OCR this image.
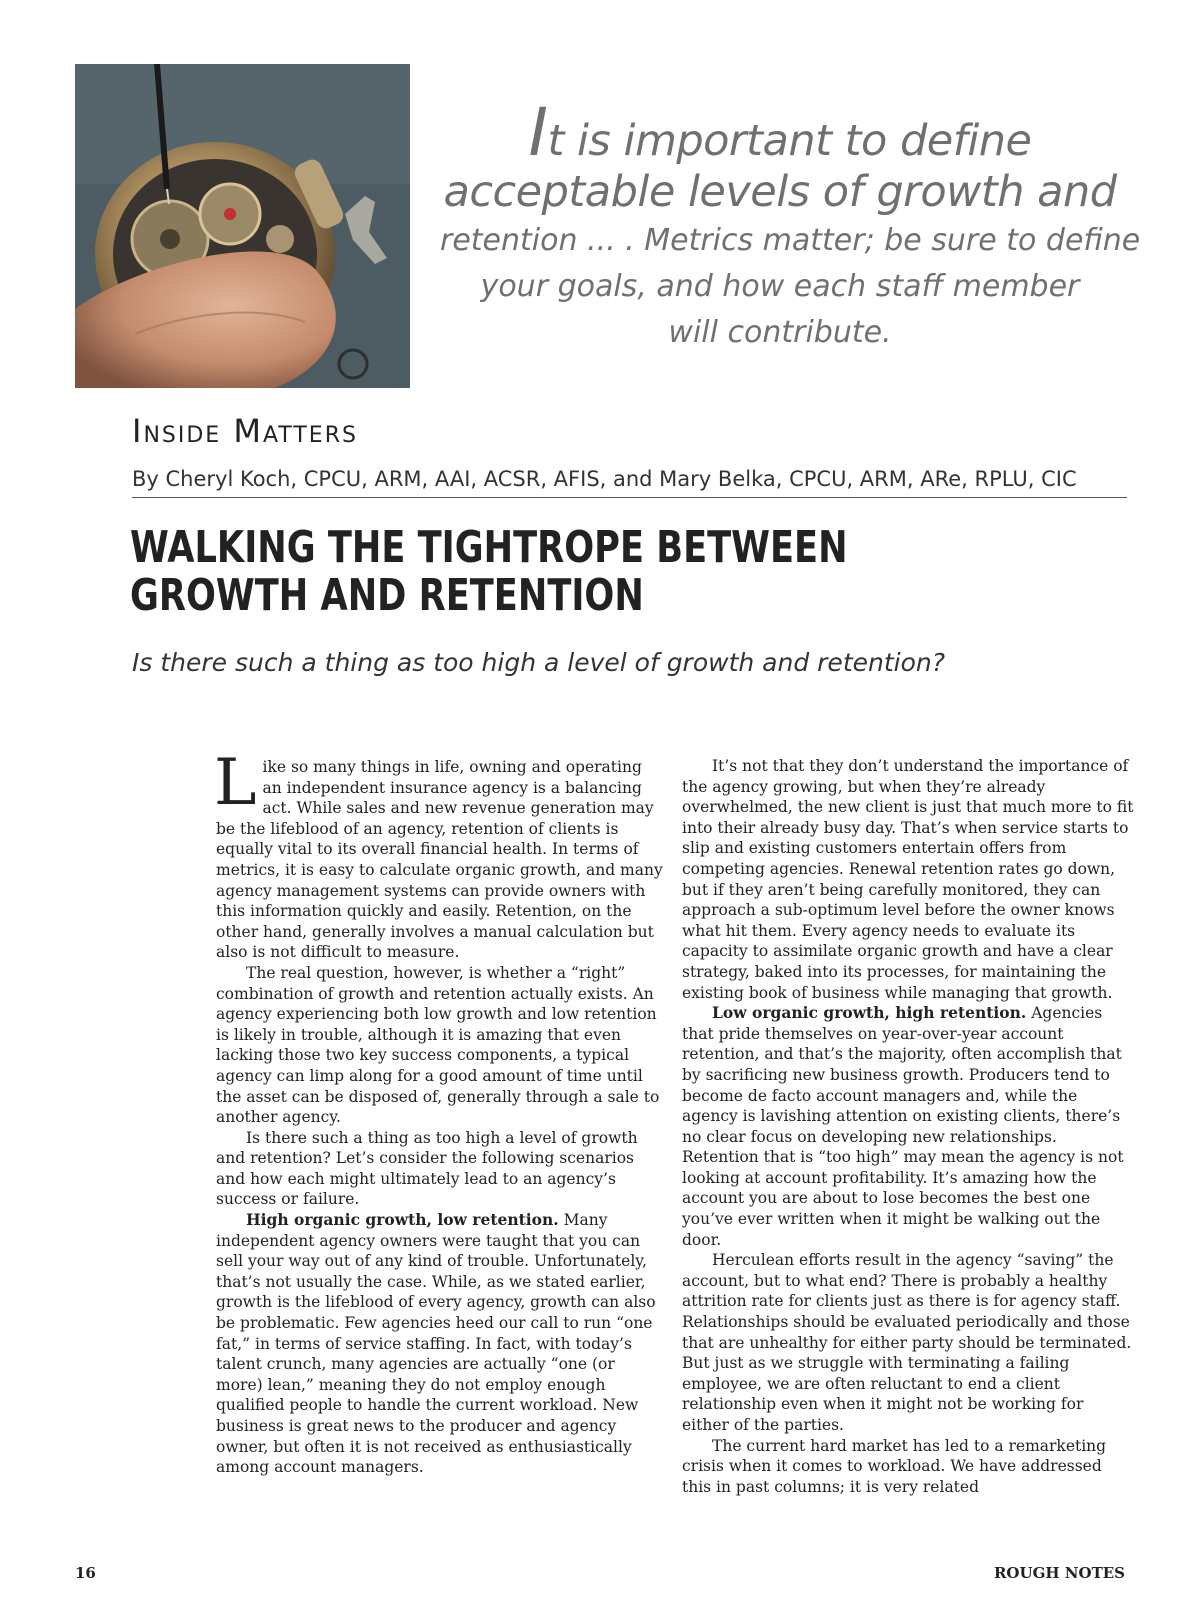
It is important to define
acceptable levels of growth and
retention ... . Metrics matter; be sure to define
your goals, and how each staff member
will contribute.
Inside Matters
By Cheryl Koch, CPCU, ARM, AAI, ACSR, AFIS, and Mary Belka, CPCU, ARM, ARe, RPLU, CIC
WALKING THE TIGHTROPE BETWEEN
GROWTH AND RETENTION
Is there such a thing as too high a level of growth and retention?

Like so many things in life, owning and operating an independent insurance agency is a balancing act. While sales and new revenue generation may be the lifeblood of an agency, retention of clients is equally vital to its overall financial health. In terms of metrics, it is easy to calculate organic growth, and many agency management systems can provide owners with this information quickly and easily. Retention, on the other hand, generally involves a manual calculation but also is not difficult to measure.

The real question, however, is whether a “right” combination of growth and retention actually exists. An agency experiencing both low growth and low retention is likely in trouble, although it is amazing that even lacking those two key success components, a typical agency can limp along for a good amount of time until the asset can be disposed of, generally through a sale to another agency.

Is there such a thing as too high a level of growth and retention? Let’s consider the following scenarios and how each might ultimately lead to an agency’s success or failure.

High organic growth, low retention. Many independent agency owners were taught that you can sell your way out of any kind of trouble. Unfortunately, that’s not usually the case. While, as we stated earlier, growth is the lifeblood of every agency, growth can also be problematic. Few agencies heed our call to run “one fat,” in terms of service staffing. In fact, with today’s talent crunch, many agencies are actually “one (or more) lean,” meaning they do not employ enough qualified people to handle the current workload. New business is great news to the producer and agency owner, but often it is not received as enthusiastically among account managers.

It’s not that they don’t understand the importance of the agency growing, but when they’re already overwhelmed, the new client is just that much more to fit into their already busy day. That’s when service starts to slip and existing customers entertain offers from competing agencies. Renewal retention rates go down, but if they aren’t being carefully monitored, they can approach a sub-optimum level before the owner knows what hit them. Every agency needs to evaluate its capacity to assimilate organic growth and have a clear strategy, baked into its processes, for maintaining the existing book of business while managing that growth.

Low organic growth, high retention. Agencies that pride themselves on year-over-year account retention, and that’s the majority, often accomplish that by sacrificing new business growth. Producers tend to become de facto account managers and, while the agency is lavishing attention on existing clients, there’s no clear focus on developing new relationships. Retention that is “too high” may mean the agency is not looking at account profitability. It’s amazing how the account you are about to lose becomes the best one you’ve ever written when it might be walking out the door.

Herculean efforts result in the agency “saving” the account, but to what end? There is probably a healthy attrition rate for clients just as there is for agency staff. Relationships should be evaluated periodically and those that are unhealthy for either party should be terminated. But just as we struggle with terminating a failing employee, we are often reluctant to end a client relationship even when it might not be working for either of the parties.

The current hard market has led to a remarketing crisis when it comes to workload. We have addressed this in past columns; it is very related

16	ROUGH NOTES
